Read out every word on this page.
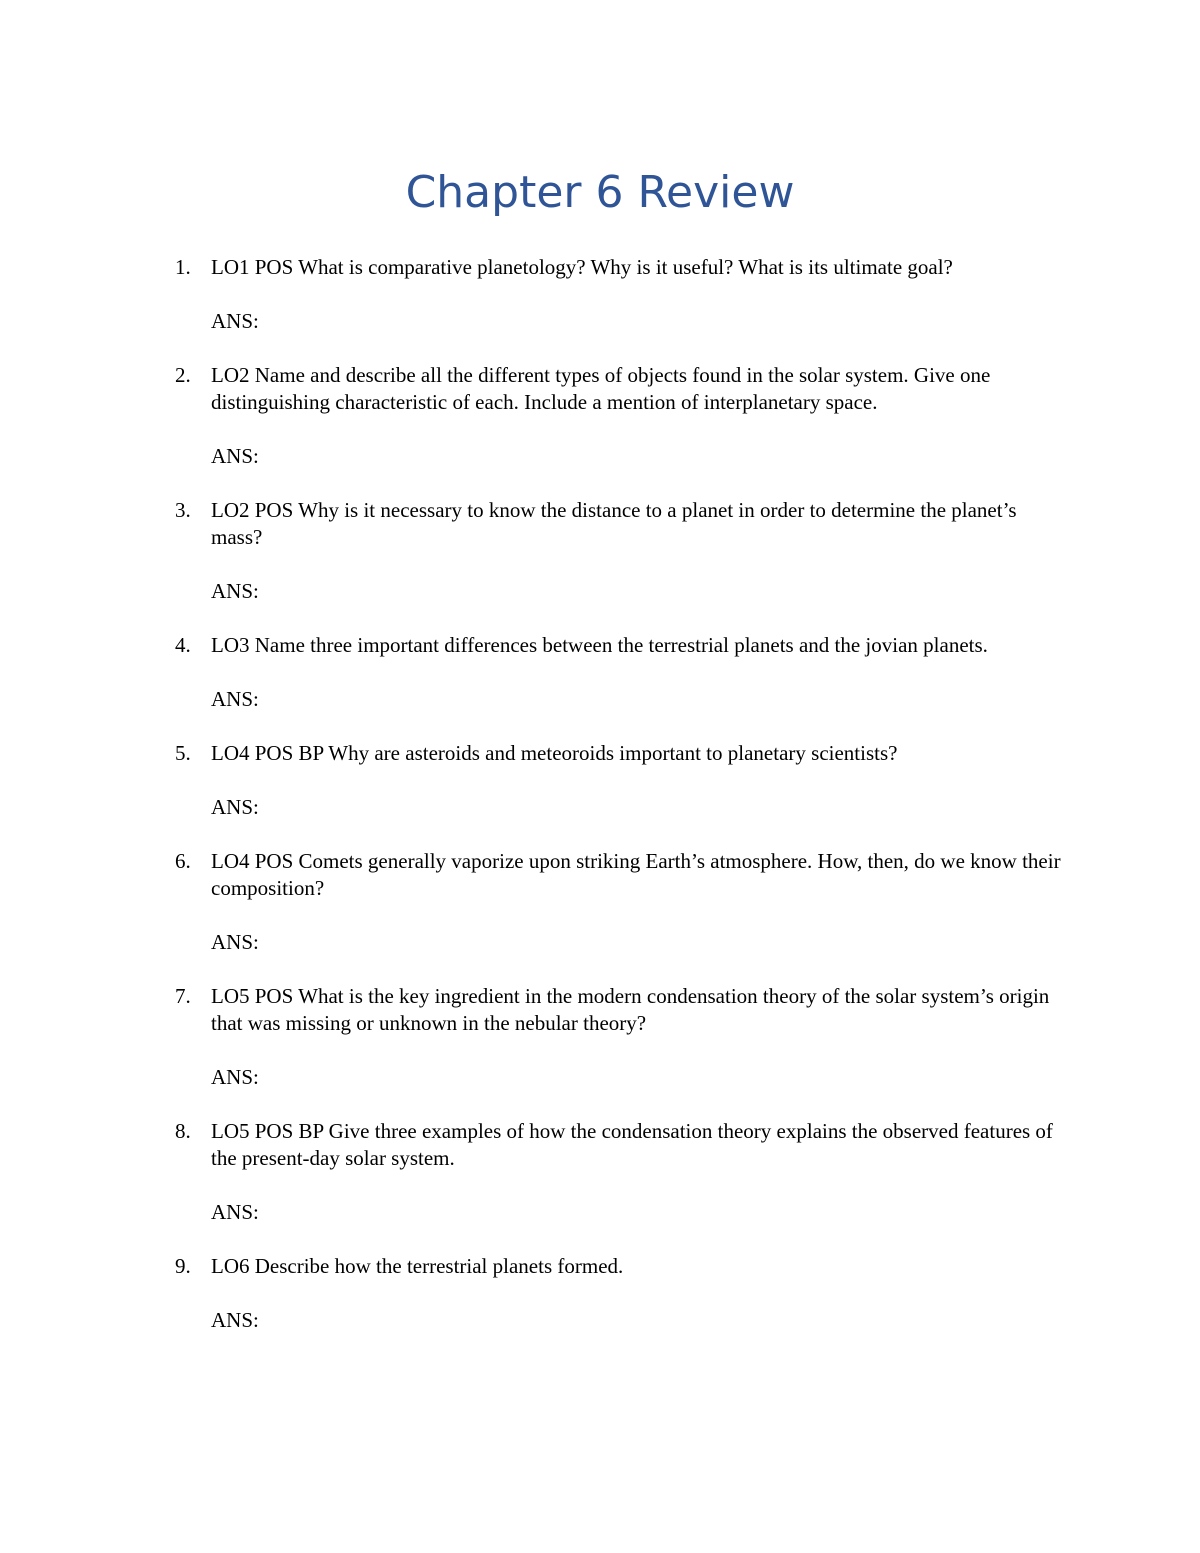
Chapter 6 Review
1. LO1 POS What is comparative planetology? Why is it useful? What is its ultimate goal?
ANS:
2. LO2 Name and describe all the different types of objects found in the solar system. Give one distinguishing characteristic of each. Include a mention of interplanetary space.
ANS:
3. LO2 POS Why is it necessary to know the distance to a planet in order to determine the planet’s mass?
ANS:
4. LO3 Name three important differences between the terrestrial planets and the jovian planets.
ANS:
5. LO4 POS BP Why are asteroids and meteoroids important to planetary scientists?
ANS:
6. LO4 POS Comets generally vaporize upon striking Earth’s atmosphere. How, then, do we know their composition?
ANS:
7. LO5 POS What is the key ingredient in the modern condensation theory of the solar system’s origin that was missing or unknown in the nebular theory?
ANS:
8. LO5 POS BP Give three examples of how the condensation theory explains the observed features of the present-day solar system.
ANS:
9. LO6 Describe how the terrestrial planets formed.
ANS:
